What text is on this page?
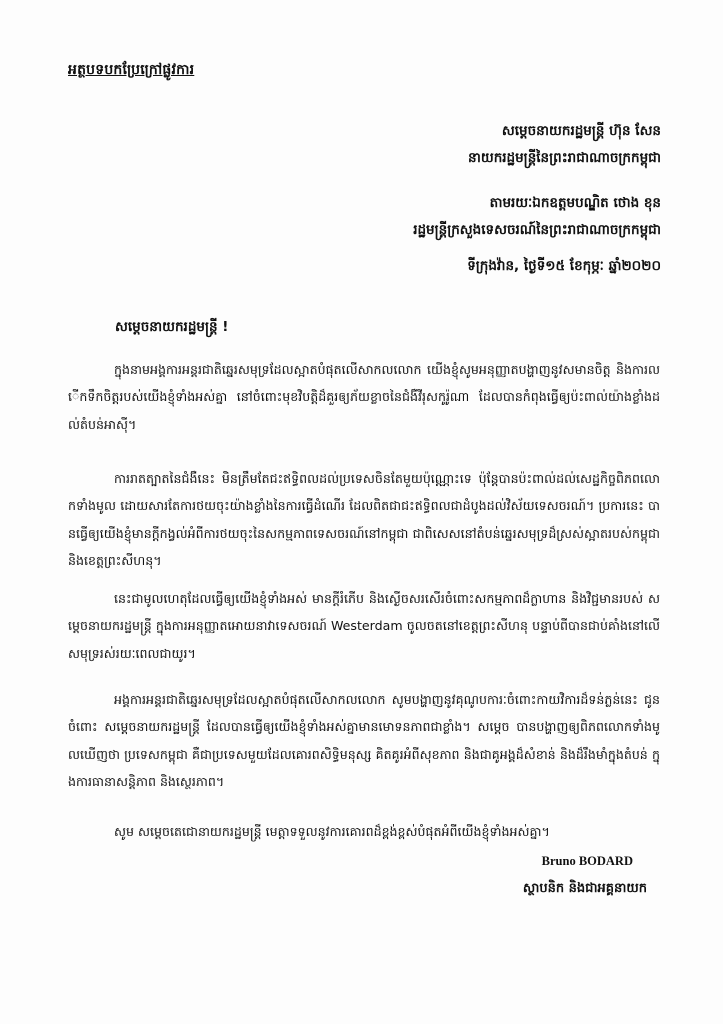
អត្ថបទបកប្រែក្រៅផ្លូវការ
សម្តេចនាយករដ្ឋមន្ត្រី ហ៊ុន សែន
នាយករដ្ឋមន្ត្រីនៃព្រះរាជាណាចក្រកម្ពុជា
តាមរយៈឯកឧត្តមបណ្ឌិត ថោង ខុន
រដ្ឋមន្ត្រីក្រសួងទេសចរណ៍នៃព្រះរាជាណាចក្រកម្ពុជា
ទីក្រុងវ៉ាន, ថ្ងៃទី១៥ ខែកុម្ភៈ ឆ្នាំ២០២០
សម្តេចនាយករដ្ឋមន្ត្រី !

ក្នុងនាមអង្គការអន្តរជាតិឆ្នេរសមុទ្រដែលស្អាតបំផុតលើសាកលលោក យើងខ្ញុំសូមអនុញ្ញាតបង្ហាញនូវសមានចិត្ត និងការលើកទឹកចិត្តរបស់យើងខ្ញុំទាំងអស់គ្នា នៅចំពោះមុខវិបត្តិដ៏គួរឲ្យភ័យខ្លាចនៃជំងឺវីរុសកូរ៉ូណា ដែលបានកំពុងធ្វើឲ្យប៉ះពាល់យ៉ាងខ្លាំងដល់តំបន់អាស៊ី។

ការរាតត្បាតនៃជំងឺនេះ មិនត្រឹមតែជះឥទ្ធិពលដល់ប្រទេសចិនតែមួយប៉ុណ្ណោះទេ ប៉ុន្តែបានប៉ះពាល់ដល់សេដ្ឋកិច្ចពិភពលោកទាំងមូល ដោយសារតែការថយចុះយ៉ាងខ្លាំងនៃការធ្វើដំណើរ ដែលពិតជាជះឥទ្ធិពលជាដំបូងដល់វិស័យទេសចរណ៍។ ប្រការនេះ បានធ្វើឲ្យយើងខ្ញុំមានក្តីកង្វល់អំពីការថយចុះនៃសកម្មភាពទេសចរណ៍នៅកម្ពុជា ជាពិសេសនៅតំបន់ឆ្នេរសមុទ្រដ៏ស្រស់ស្អាតរបស់កម្ពុជា និងខេត្តព្រះសីហនុ។

នេះជាមូលហេតុដែលធ្វើឲ្យយើងខ្ញុំទាំងអស់ មានក្តីរំភើប និងស្ងើចសរសើរចំពោះសកម្មភាពដ៏ក្លាហាន និងវិជ្ជមានរបស់ សម្តេចនាយករដ្ឋមន្ត្រី ក្នុងការអនុញ្ញាតអោយនាវាទេសចរណ៍ Westerdam ចូលចតនៅខេត្តព្រះសីហនុ បន្ទាប់ពីបានជាប់គាំងនៅលើសមុទ្ររស់រយៈពេលជាយូរ។

អង្គការអន្តរជាតិឆ្នេរសមុទ្រដែលស្អាតបំផុតលើសាកលលោក សូមបង្ហាញនូវគុណូបការៈចំពោះកាយវិការដ៏ទន់ភ្លន់នេះ ជូនចំពោះ សម្តេចនាយករដ្ឋមន្ត្រី ដែលបានធ្វើឲ្យយើងខ្ញុំទាំងអស់គ្នាមានមោទនភាពជាខ្លាំង។ សម្តេច បានបង្ហាញឲ្យពិភពលោកទាំងមូលឃើញថា ប្រទេសកម្ពុជា គឺជាប្រទេសមួយដែលគោរពសិទ្ធិមនុស្ស គិតគូរអំពីសុខភាព និងជាគូអង្គដ៏សំខាន់ និងដ៏រឹងមាំក្នុងតំបន់ ក្នុងការធានាសន្តិភាព និងស្ថេរភាព។

សូម សម្តេចតេជោនាយករដ្ឋមន្ត្រី មេត្តាទទួលនូវការគោរពដ៏ខ្ពង់ខ្ពស់បំផុតអំពីយើងខ្ញុំទាំងអស់គ្នា។

Bruno BODARD
ស្ថាបនិក និងជាអគ្គនាយក
